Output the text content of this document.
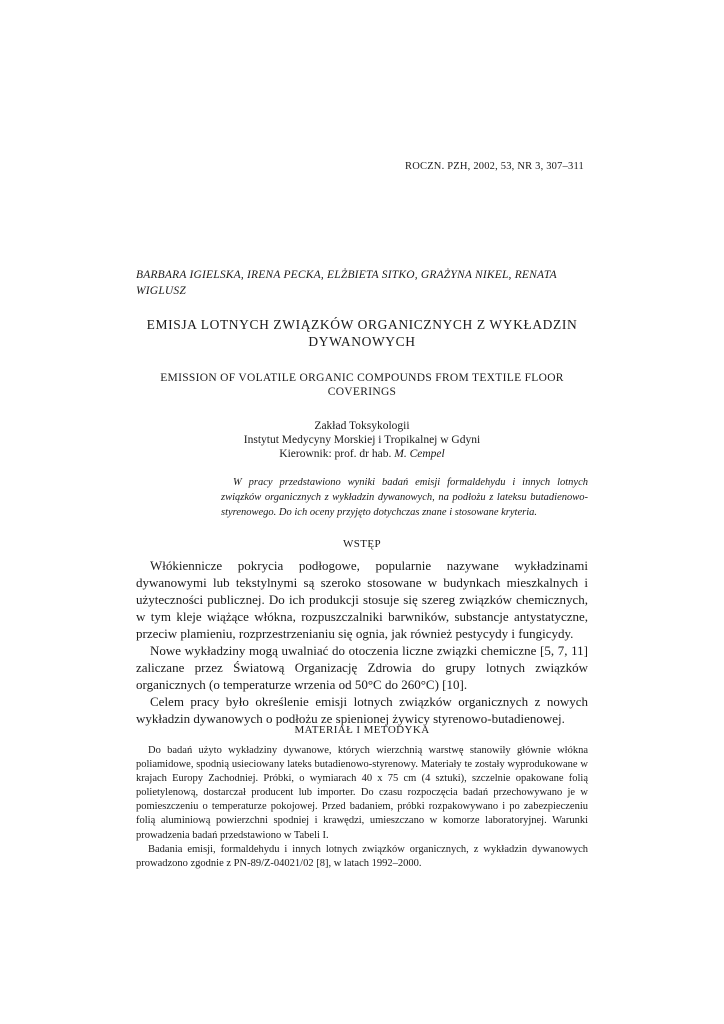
ROCZN. PZH, 2002, 53, NR 3, 307–311
BARBARA IGIELSKA, IRENA PECKA, ELŻBIETA SITKO, GRAŻYNA NIKEL, RENATA WIGLUSZ
EMISJA LOTNYCH ZWIĄZKÓW ORGANICZNYCH Z WYKŁADZIN DYWANOWYCH
EMISSION OF VOLATILE ORGANIC COMPOUNDS FROM TEXTILE FLOOR COVERINGS
Zakład Toksykologii
Instytut Medycyny Morskiej i Tropikalnej w Gdyni
Kierownik: prof. dr hab. M. Cempel
W pracy przedstawiono wyniki badań emisji formaldehydu i innych lotnych związków organicznych z wykładzin dywanowych, na podłożu z lateksu butadienowo-styrenowego. Do ich oceny przyjęto dotychczas znane i stosowane kryteria.
WSTĘP

Włókiennicze pokrycia podłogowe, popularnie nazywane wykładzinami dywanowymi lub tekstylnymi są szeroko stosowane w budynkach mieszkalnych i użyteczności publicznej. Do ich produkcji stosuje się szereg związków chemicznych, w tym kleje wiążące włókna, rozpuszczalniki barwników, substancje antystatyczne, przeciw plamieniu, rozprzestrzenianiu się ognia, jak również pestycydy i fungicydy.

Nowe wykładziny mogą uwalniać do otoczenia liczne związki chemiczne [5, 7, 11] zaliczane przez Światową Organizację Zdrowia do grupy lotnych związków organicznych (o temperaturze wrzenia od 50°C do 260°C) [10].

Celem pracy było określenie emisji lotnych związków organicznych z nowych wykładzin dywanowych o podłożu ze spienionej żywicy styrenowo-butadienowej.

MATERIAŁ I METODYKA

Do badań użyto wykładziny dywanowe, których wierzchnią warstwę stanowiły głównie włókna poliamidowe, spodnią usieciowany lateks butadienowo-styrenowy. Materiały te zostały wyprodukowane w krajach Europy Zachodniej. Próbki, o wymiarach 40 x 75 cm (4 sztuki), szczelnie opakowane folią polietylenową, dostarczał producent lub importer. Do czasu rozpoczęcia badań przechowywano je w pomieszczeniu o temperaturze pokojowej. Przed badaniem, próbki rozpakowywano i po zabezpieczeniu folią aluminiową powierzchni spodniej i krawędzi, umieszczano w komorze laboratoryjnej. Warunki prowadzenia badań przedstawiono w Tabeli I.

Badania emisji, formaldehydu i innych lotnych związków organicznych, z wykładzin dywanowych prowadzono zgodnie z PN-89/Z-04021/02 [8], w latach 1992–2000.
